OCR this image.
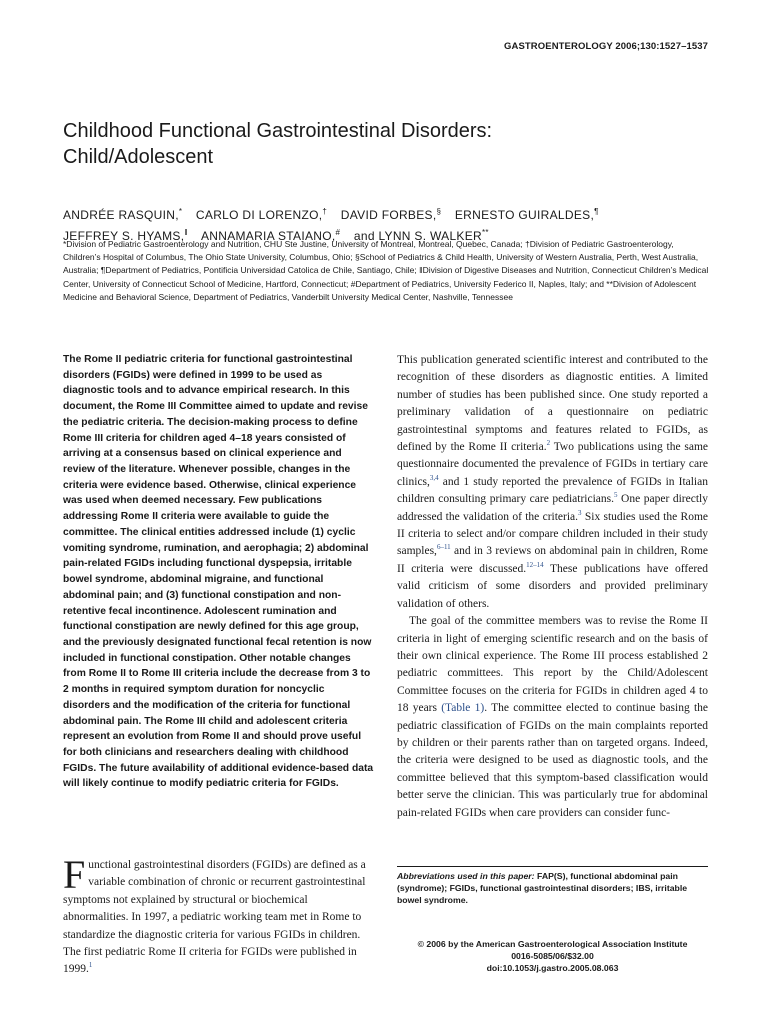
GASTROENTEROLOGY 2006;130:1527–1537
Childhood Functional Gastrointestinal Disorders:
Child/Adolescent
ANDRÉE RASQUIN,* CARLO DI LORENZO,† DAVID FORBES,§ ERNESTO GUIRALDES,¶
JEFFREY S. HYAMS,‖ ANNAMARIA STAIANO,# and LYNN S. WALKER**
*Division of Pediatric Gastroenterology and Nutrition, CHU Ste Justine, University of Montreal, Montreal, Quebec, Canada; †Division of Pediatric Gastroenterology, Children’s Hospital of Columbus, The Ohio State University, Columbus, Ohio; §School of Pediatrics & Child Health, University of Western Australia, Perth, West Australia, Australia; ¶Department of Pediatrics, Pontificia Universidad Catolica de Chile, Santiago, Chile; ‖Division of Digestive Diseases and Nutrition, Connecticut Children’s Medical Center, University of Connecticut School of Medicine, Hartford, Connecticut; #Department of Pediatrics, University Federico II, Naples, Italy; and **Division of Adolescent Medicine and Behavioral Science, Department of Pediatrics, Vanderbilt University Medical Center, Nashville, Tennessee

The Rome II pediatric criteria for functional gastrointestinal disorders (FGIDs) were defined in 1999 to be used as diagnostic tools and to advance empirical research. In this document, the Rome III Committee aimed to update and revise the pediatric criteria. The decision-making process to define Rome III criteria for children aged 4–18 years consisted of arriving at a consensus based on clinical experience and review of the literature. Whenever possible, changes in the criteria were evidence based. Otherwise, clinical experience was used when deemed necessary. Few publications addressing Rome II criteria were available to guide the committee. The clinical entities addressed include (1) cyclic vomiting syndrome, rumination, and aerophagia; 2) abdominal pain-related FGIDs including functional dyspepsia, irritable bowel syndrome, abdominal migraine, and functional abdominal pain; and (3) functional constipation and non-retentive fecal incontinence. Adolescent rumination and functional constipation are newly defined for this age group, and the previously designated functional fecal retention is now included in functional constipation. Other notable changes from Rome II to Rome III criteria include the decrease from 3 to 2 months in required symptom duration for noncyclic disorders and the modification of the criteria for functional abdominal pain. The Rome III child and adolescent criteria represent an evolution from Rome II and should prove useful for both clinicians and researchers dealing with childhood FGIDs. The future availability of additional evidence-based data will likely continue to modify pediatric criteria for FGIDs.

Functional gastrointestinal disorders (FGIDs) are defined as a variable combination of chronic or recurrent gastrointestinal symptoms not explained by structural or biochemical abnormalities. In 1997, a pediatric working team met in Rome to standardize the diagnostic criteria for various FGIDs in children. The first pediatric Rome II criteria for FGIDs were published in 1999.$^1$

This publication generated scientific interest and contributed to the recognition of these disorders as diagnostic entities. A limited number of studies has been published since. One study reported a preliminary validation of a questionnaire on pediatric gastrointestinal symptoms and features related to FGIDs, as defined by the Rome II criteria.$^2$ Two publications using the same questionnaire documented the prevalence of FGIDs in tertiary care clinics,$^{3,4}$ and 1 study reported the prevalence of FGIDs in Italian children consulting primary care pediatricians.$^5$ One paper directly addressed the validation of the criteria.$^3$ Six studies used the Rome II criteria to select and/or compare children included in their study samples,$^{6-11}$ and in 3 reviews on abdominal pain in children, Rome II criteria were discussed.$^{12-14}$ These publications have offered valid criticism of some disorders and provided preliminary validation of others.

The goal of the committee members was to revise the Rome II criteria in light of emerging scientific research and on the basis of their own clinical experience. The Rome III process established 2 pediatric committees. This report by the Child/Adolescent Committee focuses on the criteria for FGIDs in children aged 4 to 18 years (Table 1). The committee elected to continue basing the pediatric classification of FGIDs on the main complaints reported by children or their parents rather than on targeted organs. Indeed, the criteria were designed to be used as diagnostic tools, and the committee believed that this symptom-based classification would better serve the clinician. This was particularly true for abdominal pain-related FGIDs when care providers can consider func-

Abbreviations used in this paper: FAP(S), functional abdominal pain (syndrome); FGIDs, functional gastrointestinal disorders; IBS, irritable bowel syndrome.
© 2006 by the American Gastroenterological Association Institute
0016-5085/06/$32.00
doi:10.1053/j.gastro.2005.08.063
